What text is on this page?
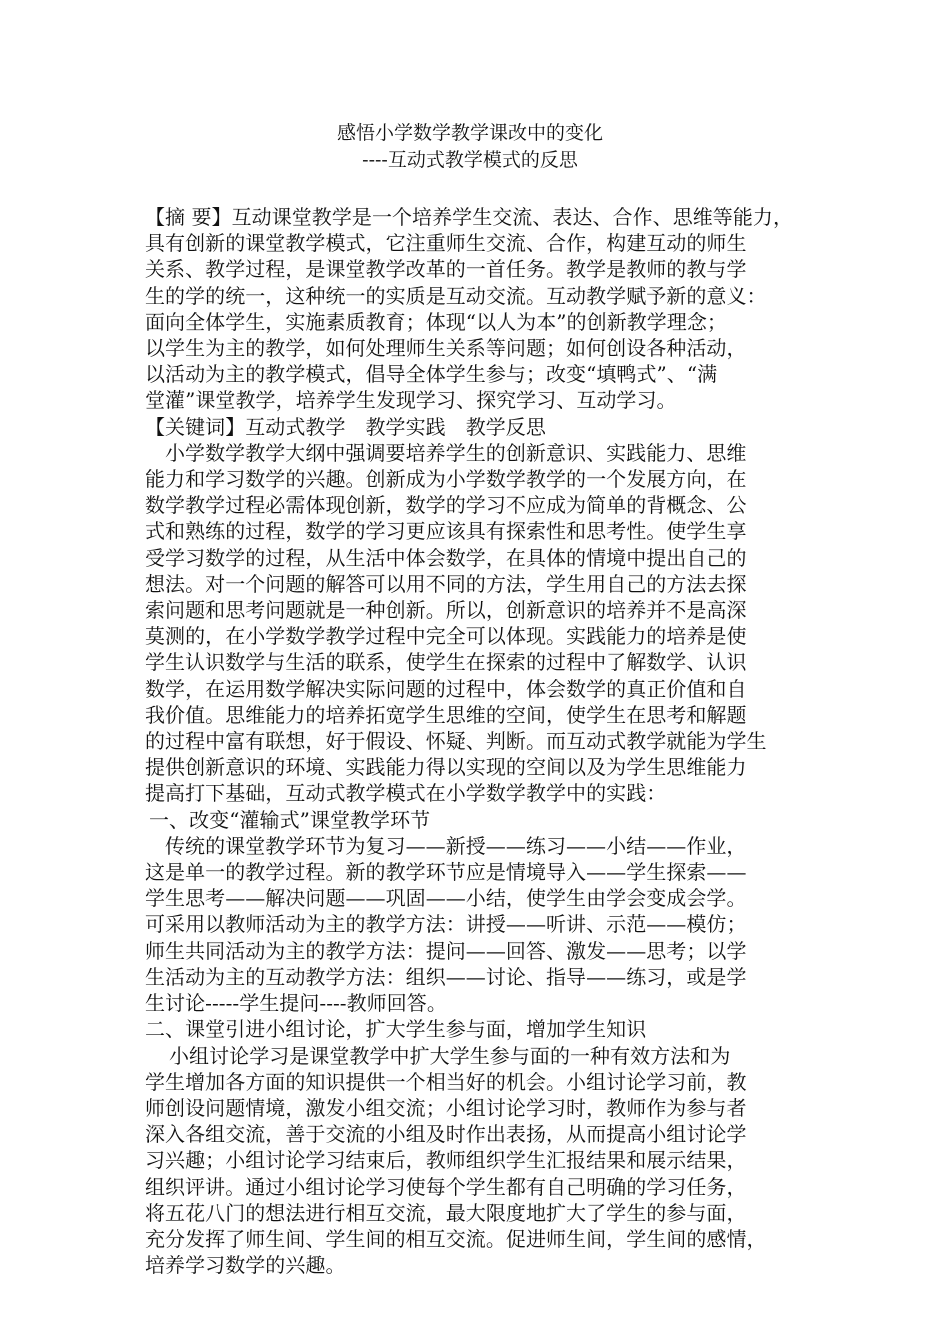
感悟小学数学教学课改中的变化
----互动式教学模式的反思
【摘 要】互动课堂教学是一个培养学生交流、表达、合作、思维等能力，
具有创新的课堂教学模式，它注重师生交流、合作，构建互动的师生
关系、教学过程，是课堂教学改革的一首任务。教学是教师的教与学
生的学的统一，这种统一的实质是互动交流。互动教学赋予新的意义：
面向全体学生，实施素质教育；体现“以人为本”的创新教学理念；
以学生为主的教学，如何处理师生关系等问题；如何创设各种活动，
以活动为主的教学模式，倡导全体学生参与；改变“填鸭式”、“满
堂灌”课堂教学，培养学生发现学习、探究学习、互动学习。
【关键词】互动式教学 教学实践 教学反思
小学数学教学大纲中强调要培养学生的创新意识、实践能力、思维
能力和学习数学的兴趣。创新成为小学数学教学的一个发展方向，在
数学教学过程必需体现创新，数学的学习不应成为简单的背概念、公
式和熟练的过程，数学的学习更应该具有探索性和思考性。使学生享
受学习数学的过程，从生活中体会数学，在具体的情境中提出自己的
想法。对一个问题的解答可以用不同的方法，学生用自己的方法去探
索问题和思考问题就是一种创新。所以，创新意识的培养并不是高深
莫测的，在小学数学教学过程中完全可以体现。实践能力的培养是使
学生认识数学与生活的联系，使学生在探索的过程中了解数学、认识
数学，在运用数学解决实际问题的过程中，体会数学的真正价值和自
我价值。思维能力的培养拓宽学生思维的空间，使学生在思考和解题
的过程中富有联想，好于假设、怀疑、判断。而互动式教学就能为学生
提供创新意识的环境、实践能力得以实现的空间以及为学生思维能力
提高打下基础，互动式教学模式在小学数学教学中的实践：
一、改变“灌输式”课堂教学环节
传统的课堂教学环节为复习——新授——练习——小结——作业，
这是单一的教学过程。新的教学环节应是情境导入——学生探索——
学生思考——解决问题——巩固——小结，使学生由学会变成会学。
可采用以教师活动为主的教学方法：讲授——听讲、示范——模仿；
师生共同活动为主的教学方法：提问——回答、激发——思考；以学
生活动为主的互动教学方法：组织——讨论、指导——练习，或是学
生讨论-----学生提问----教师回答。
二、课堂引进小组讨论，扩大学生参与面，增加学生知识
小组讨论学习是课堂教学中扩大学生参与面的一种有效方法和为
学生增加各方面的知识提供一个相当好的机会。小组讨论学习前，教
师创设问题情境，激发小组交流；小组讨论学习时，教师作为参与者
深入各组交流，善于交流的小组及时作出表扬，从而提高小组讨论学
习兴趣；小组讨论学习结束后，教师组织学生汇报结果和展示结果，
组织评讲。通过小组讨论学习使每个学生都有自己明确的学习任务，
将五花八门的想法进行相互交流，最大限度地扩大了学生的参与面，
充分发挥了师生间、学生间的相互交流。促进师生间，学生间的感情，
培养学习数学的兴趣。
